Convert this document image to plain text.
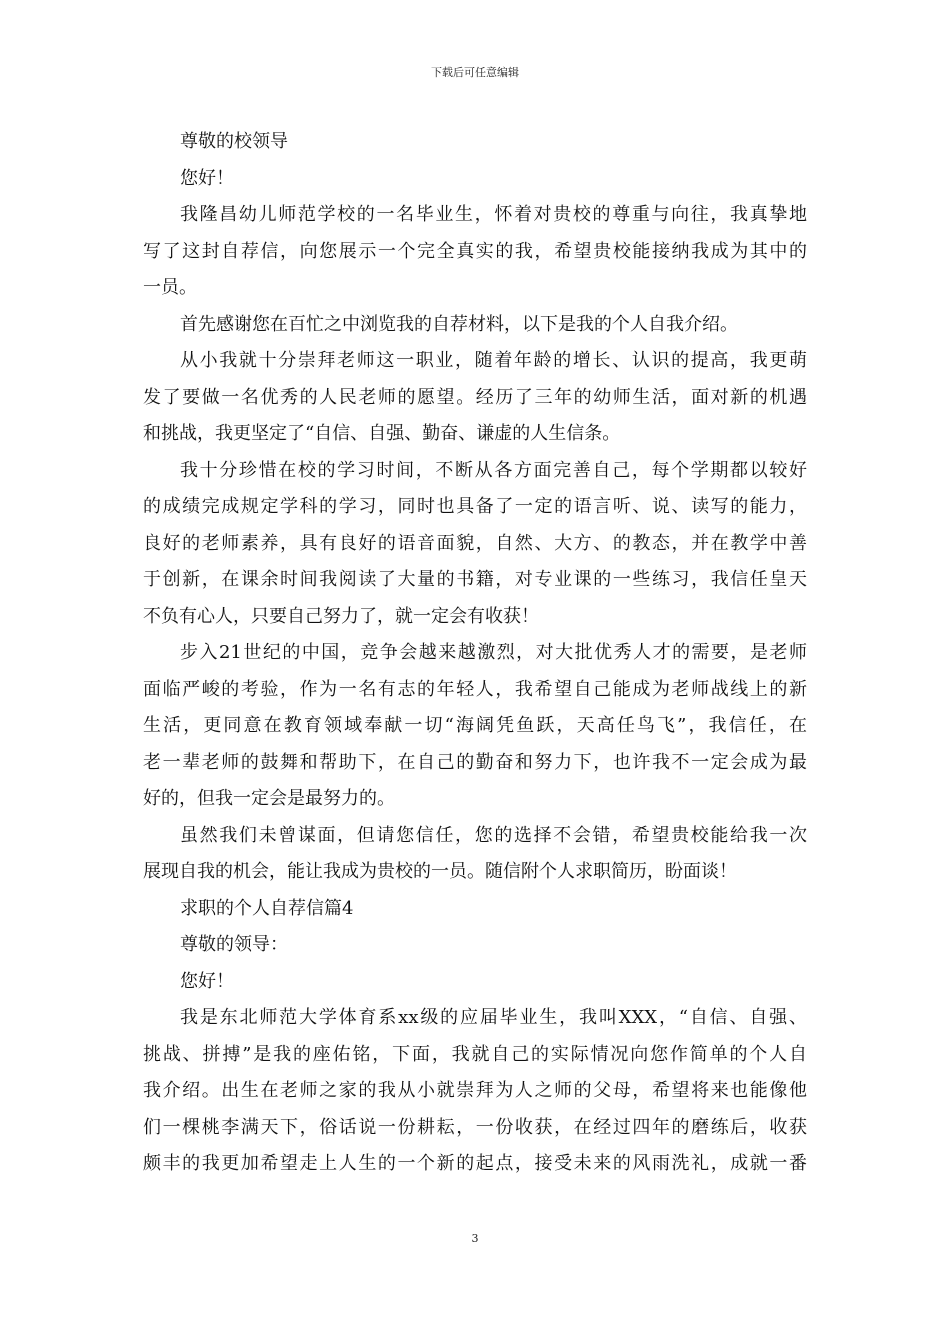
下载后可任意编辑
尊敬的校领导
您好！
我隆昌幼儿师范学校的一名毕业生，怀着对贵校的尊重与向往，我真挚地
写了这封自荐信，向您展示一个完全真实的我，希望贵校能接纳我成为其中的
一员。
首先感谢您在百忙之中浏览我的自荐材料，以下是我的个人自我介绍。
从小我就十分崇拜老师这一职业，随着年龄的增长、认识的提高，我更萌
发了要做一名优秀的人民老师的愿望。经历了三年的幼师生活，面对新的机遇
和挑战，我更坚定了“自信、自强、勤奋、谦虚的人生信条。
我十分珍惜在校的学习时间，不断从各方面完善自己，每个学期都以较好
的成绩完成规定学科的学习，同时也具备了一定的语言听、说、读写的能力，
良好的老师素养，具有良好的语音面貌，自然、大方、的教态，并在教学中善
于创新，在课余时间我阅读了大量的书籍，对专业课的一些练习，我信任皇天
不负有心人，只要自己努力了，就一定会有收获！
步入21世纪的中国，竞争会越来越激烈，对大批优秀人才的需要，是老师
面临严峻的考验，作为一名有志的年轻人，我希望自己能成为老师战线上的新
生活，更同意在教育领域奉献一切“海阔凭鱼跃，天高任鸟飞”，我信任，在
老一辈老师的鼓舞和帮助下，在自己的勤奋和努力下，也许我不一定会成为最
好的，但我一定会是最努力的。
虽然我们未曾谋面，但请您信任，您的选择不会错，希望贵校能给我一次
展现自我的机会，能让我成为贵校的一员。随信附个人求职简历，盼面谈！
求职的个人自荐信篇4
尊敬的领导：
您好！
我是东北师范大学体育系xx级的应届毕业生，我叫XXX，“自信、自强、
挑战、拼搏”是我的座佑铭，下面，我就自己的实际情况向您作简单的个人自
我介绍。出生在老师之家的我从小就崇拜为人之师的父母，希望将来也能像他
们一棵桃李满天下，俗话说一份耕耘，一份收获，在经过四年的磨练后，收获
颇丰的我更加希望走上人生的一个新的起点，接受未来的风雨洗礼，成就一番
3
